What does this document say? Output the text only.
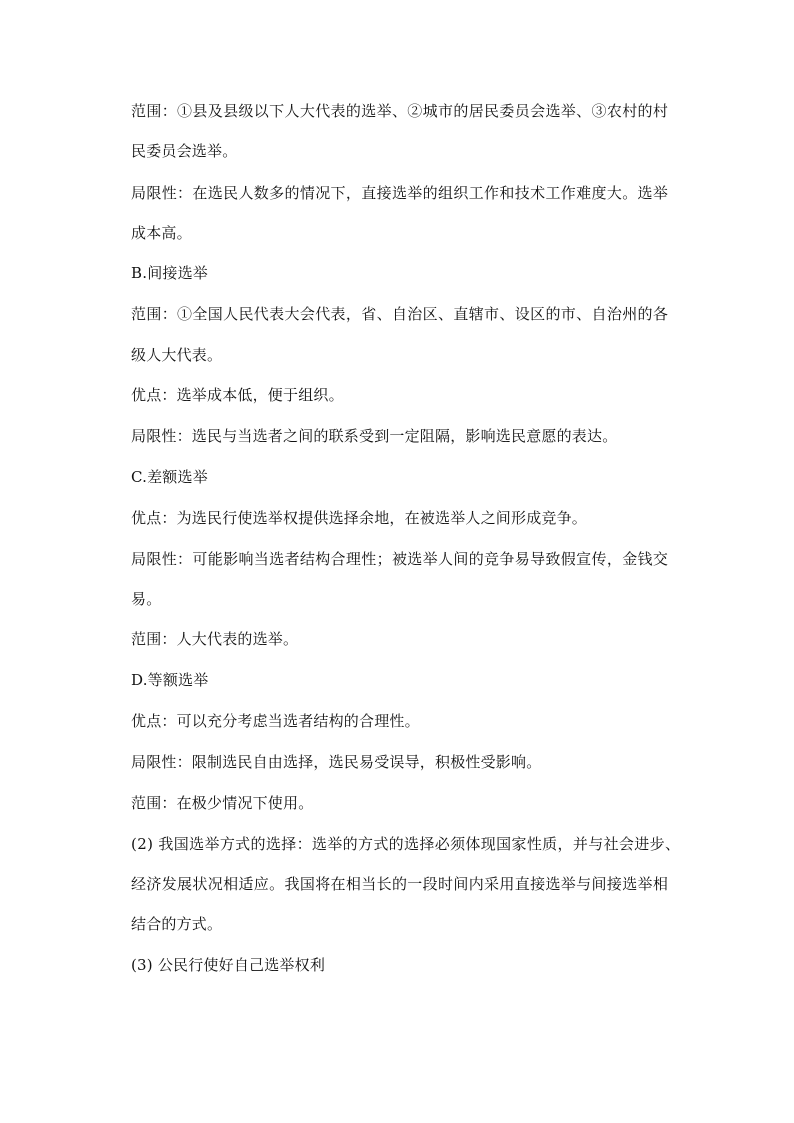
范围：①县及县级以下人大代表的选举、②城市的居民委员会选举、③农村的村
民委员会选举。
局限性：在选民人数多的情况下，直接选举的组织工作和技术工作难度大。选举
成本高。
B.间接选举
范围：①全国人民代表大会代表，省、自治区、直辖市、设区的市、自治州的各
级人大代表。
优点：选举成本低，便于组织。
局限性：选民与当选者之间的联系受到一定阻隔，影响选民意愿的表达。
C.差额选举
优点：为选民行使选举权提供选择余地，在被选举人之间形成竞争。
局限性：可能影响当选者结构合理性；被选举人间的竞争易导致假宣传，金钱交
易。
范围：人大代表的选举。
D.等额选举
优点：可以充分考虑当选者结构的合理性。
局限性：限制选民自由选择，选民易受误导，积极性受影响。
范围：在极少情况下使用。
(2) 我国选举方式的选择：选举的方式的选择必须体现国家性质，并与社会进步、
经济发展状况相适应。我国将在相当长的一段时间内采用直接选举与间接选举相
结合的方式。
(3) 公民行使好自己选举权利
